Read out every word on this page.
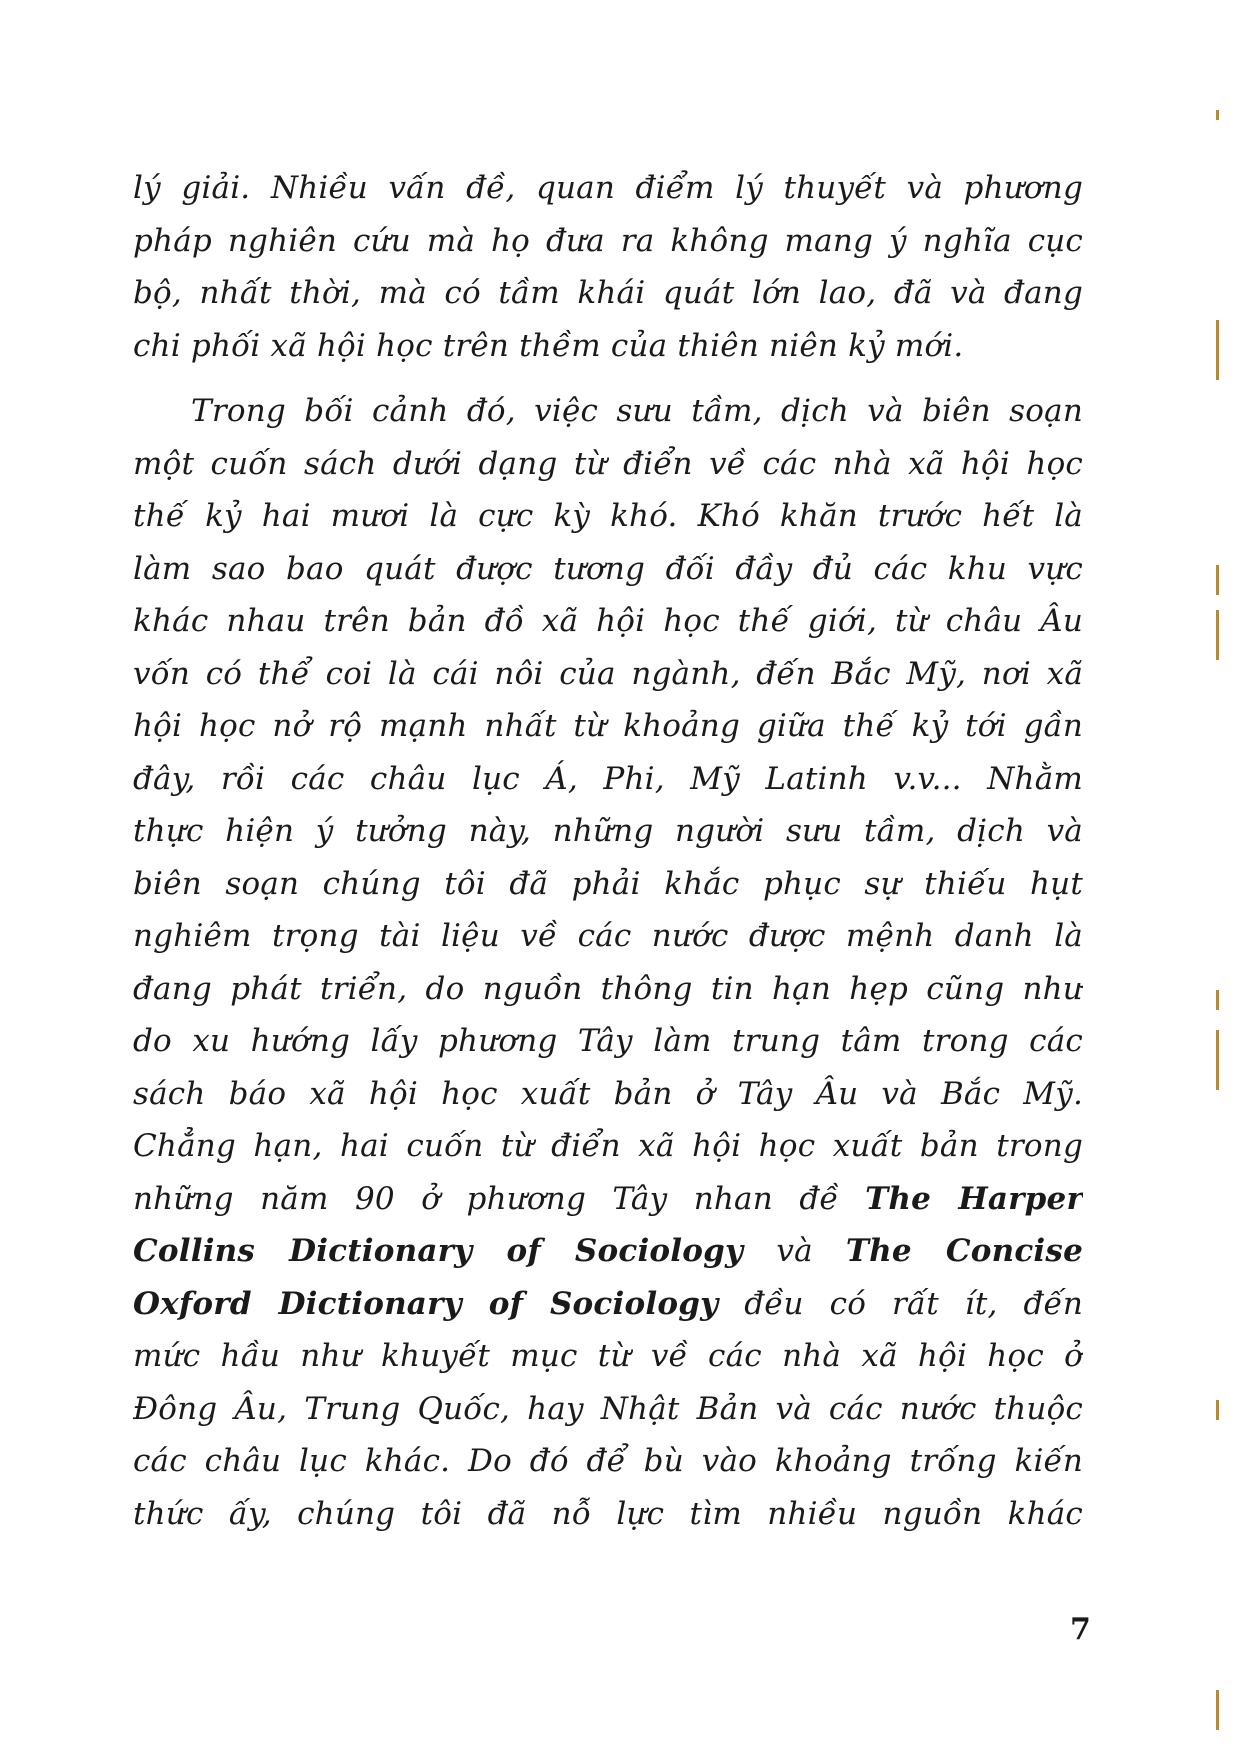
lý giải. Nhiều vấn đề, quan điểm lý thuyết và phương
pháp nghiên cứu mà họ đưa ra không mang ý nghĩa cục
bộ, nhất thời, mà có tầm khái quát lớn lao, đã và đang
chi phối xã hội học trên thềm của thiên niên kỷ mới.
Trong bối cảnh đó, việc sưu tầm, dịch và biên soạn
một cuốn sách dưới dạng từ điển về các nhà xã hội học
thế kỷ hai mươi là cực kỳ khó. Khó khăn trước hết là
làm sao bao quát được tương đối đầy đủ các khu vực
khác nhau trên bản đồ xã hội học thế giới, từ châu Âu
vốn có thể coi là cái nôi của ngành, đến Bắc Mỹ, nơi xã
hội học nở rộ mạnh nhất từ khoảng giữa thế kỷ tới gần
đây, rồi các châu lục Á, Phi, Mỹ Latinh v.v... Nhằm
thực hiện ý tưởng này, những người sưu tầm, dịch và
biên soạn chúng tôi đã phải khắc phục sự thiếu hụt
nghiêm trọng tài liệu về các nước được mệnh danh là
đang phát triển, do nguồn thông tin hạn hẹp cũng như
do xu hướng lấy phương Tây làm trung tâm trong các
sách báo xã hội học xuất bản ở Tây Âu và Bắc Mỹ.
Chẳng hạn, hai cuốn từ điển xã hội học xuất bản trong
những năm 90 ở phương Tây nhan đề The Harper
Collins Dictionary of Sociology và The Concise
Oxford Dictionary of Sociology đều có rất ít, đến
mức hầu như khuyết mục từ về các nhà xã hội học ở
Đông Âu, Trung Quốc, hay Nhật Bản và các nước thuộc
các châu lục khác. Do đó để bù vào khoảng trống kiến
thức ấy, chúng tôi đã nỗ lực tìm nhiều nguồn khác
7
